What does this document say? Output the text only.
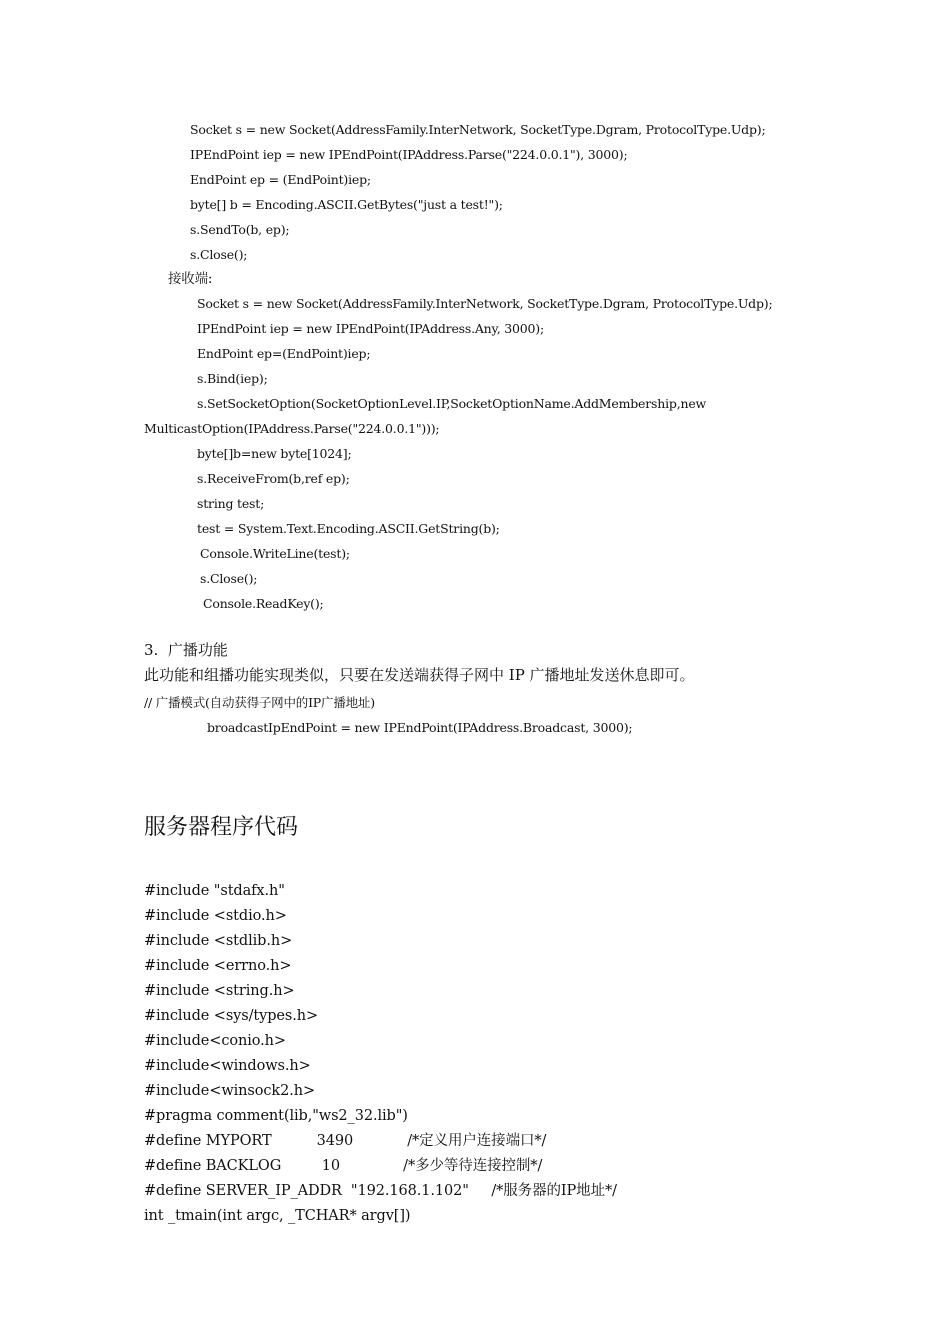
Socket s = new Socket(AddressFamily.InterNetwork, SocketType.Dgram, ProtocolType.Udp);
IPEndPoint iep = new IPEndPoint(IPAddress.Parse("224.0.0.1"), 3000);
EndPoint ep = (EndPoint)iep;
byte[] b = Encoding.ASCII.GetBytes("just a test!");
s.SendTo(b, ep);
s.Close();
接收端:
Socket s = new Socket(AddressFamily.InterNetwork, SocketType.Dgram, ProtocolType.Udp);
IPEndPoint iep = new IPEndPoint(IPAddress.Any, 3000);
EndPoint ep=(EndPoint)iep;
s.Bind(iep);
s.SetSocketOption(SocketOptionLevel.IP,SocketOptionName.AddMembership,new
MulticastOption(IPAddress.Parse("224.0.0.1")));
byte[]b=new byte[1024];
s.ReceiveFrom(b,ref ep);
string test;
test = System.Text.Encoding.ASCII.GetString(b);
Console.WriteLine(test);
s.Close();
Console.ReadKey();
3.  广播功能
此功能和组播功能实现类似，只要在发送端获得子网中 IP 广播地址发送休息即可。
// 广播模式(自动获得子网中的IP广播地址)
broadcastIpEndPoint = new IPEndPoint(IPAddress.Broadcast, 3000);
服务器程序代码
#include "stdafx.h"
#include <stdio.h>
#include <stdlib.h>
#include <errno.h>
#include <string.h>
#include <sys/types.h>
#include<conio.h>
#include<windows.h>
#include<winsock2.h>
#pragma comment(lib,"ws2_32.lib")
#define MYPORT          3490            /*定义用户连接端口*/
#define BACKLOG         10              /*多少等待连接控制*/
#define SERVER_IP_ADDR  "192.168.1.102"     /*服务器的IP地址*/
int _tmain(int argc, _TCHAR* argv[])
